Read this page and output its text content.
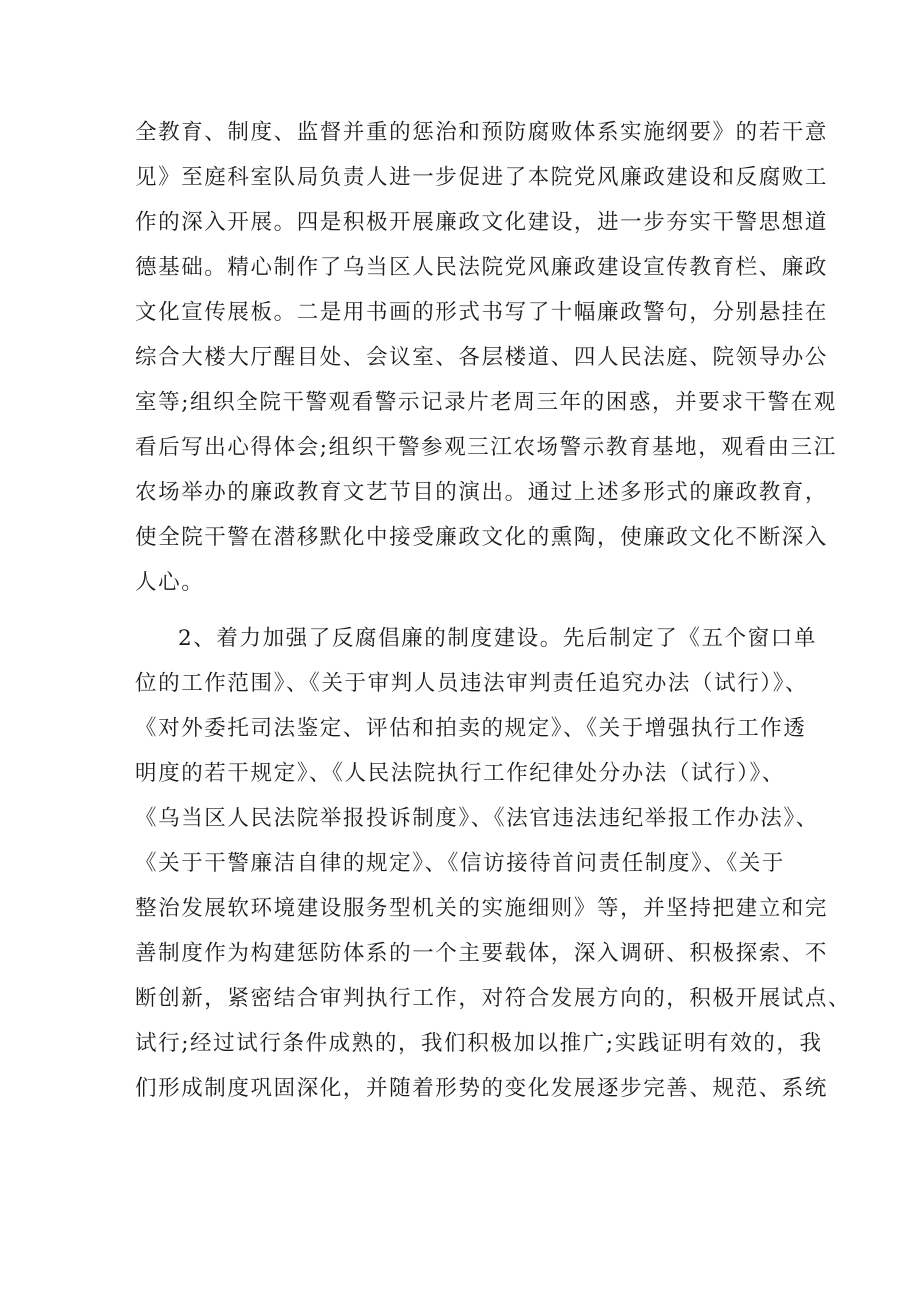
全教育、制度、监督并重的惩治和预防腐败体系实施纲要》的若干意
见》至庭科室队局负责人进一步促进了本院党风廉政建设和反腐败工
作的深入开展。四是积极开展廉政文化建设，进一步夯实干警思想道
德基础。精心制作了乌当区人民法院党风廉政建设宣传教育栏、廉政
文化宣传展板。二是用书画的形式书写了十幅廉政警句，分别悬挂在
综合大楼大厅醒目处、会议室、各层楼道、四人民法庭、院领导办公
室等;组织全院干警观看警示记录片老周三年的困惑，并要求干警在观
看后写出心得体会;组织干警参观三江农场警示教育基地，观看由三江
农场举办的廉政教育文艺节目的演出。通过上述多形式的廉政教育，
使全院干警在潜移默化中接受廉政文化的熏陶，使廉政文化不断深入
人心。
2、着力加强了反腐倡廉的制度建设。先后制定了《五个窗口单
位的工作范围》、《关于审判人员违法审判责任追究办法（试行）》、
《对外委托司法鉴定、评估和拍卖的规定》、《关于增强执行工作透
明度的若干规定》、《人民法院执行工作纪律处分办法（试行）》、
《乌当区人民法院举报投诉制度》、《法官违法违纪举报工作办法》、
《关于干警廉洁自律的规定》、《信访接待首问责任制度》、《关于
整治发展软环境建设服务型机关的实施细则》等，并坚持把建立和完
善制度作为构建惩防体系的一个主要载体，深入调研、积极探索、不
断创新，紧密结合审判执行工作，对符合发展方向的，积极开展试点、
试行;经过试行条件成熟的，我们积极加以推广;实践证明有效的，我
们形成制度巩固深化，并随着形势的变化发展逐步完善、规范、系统
